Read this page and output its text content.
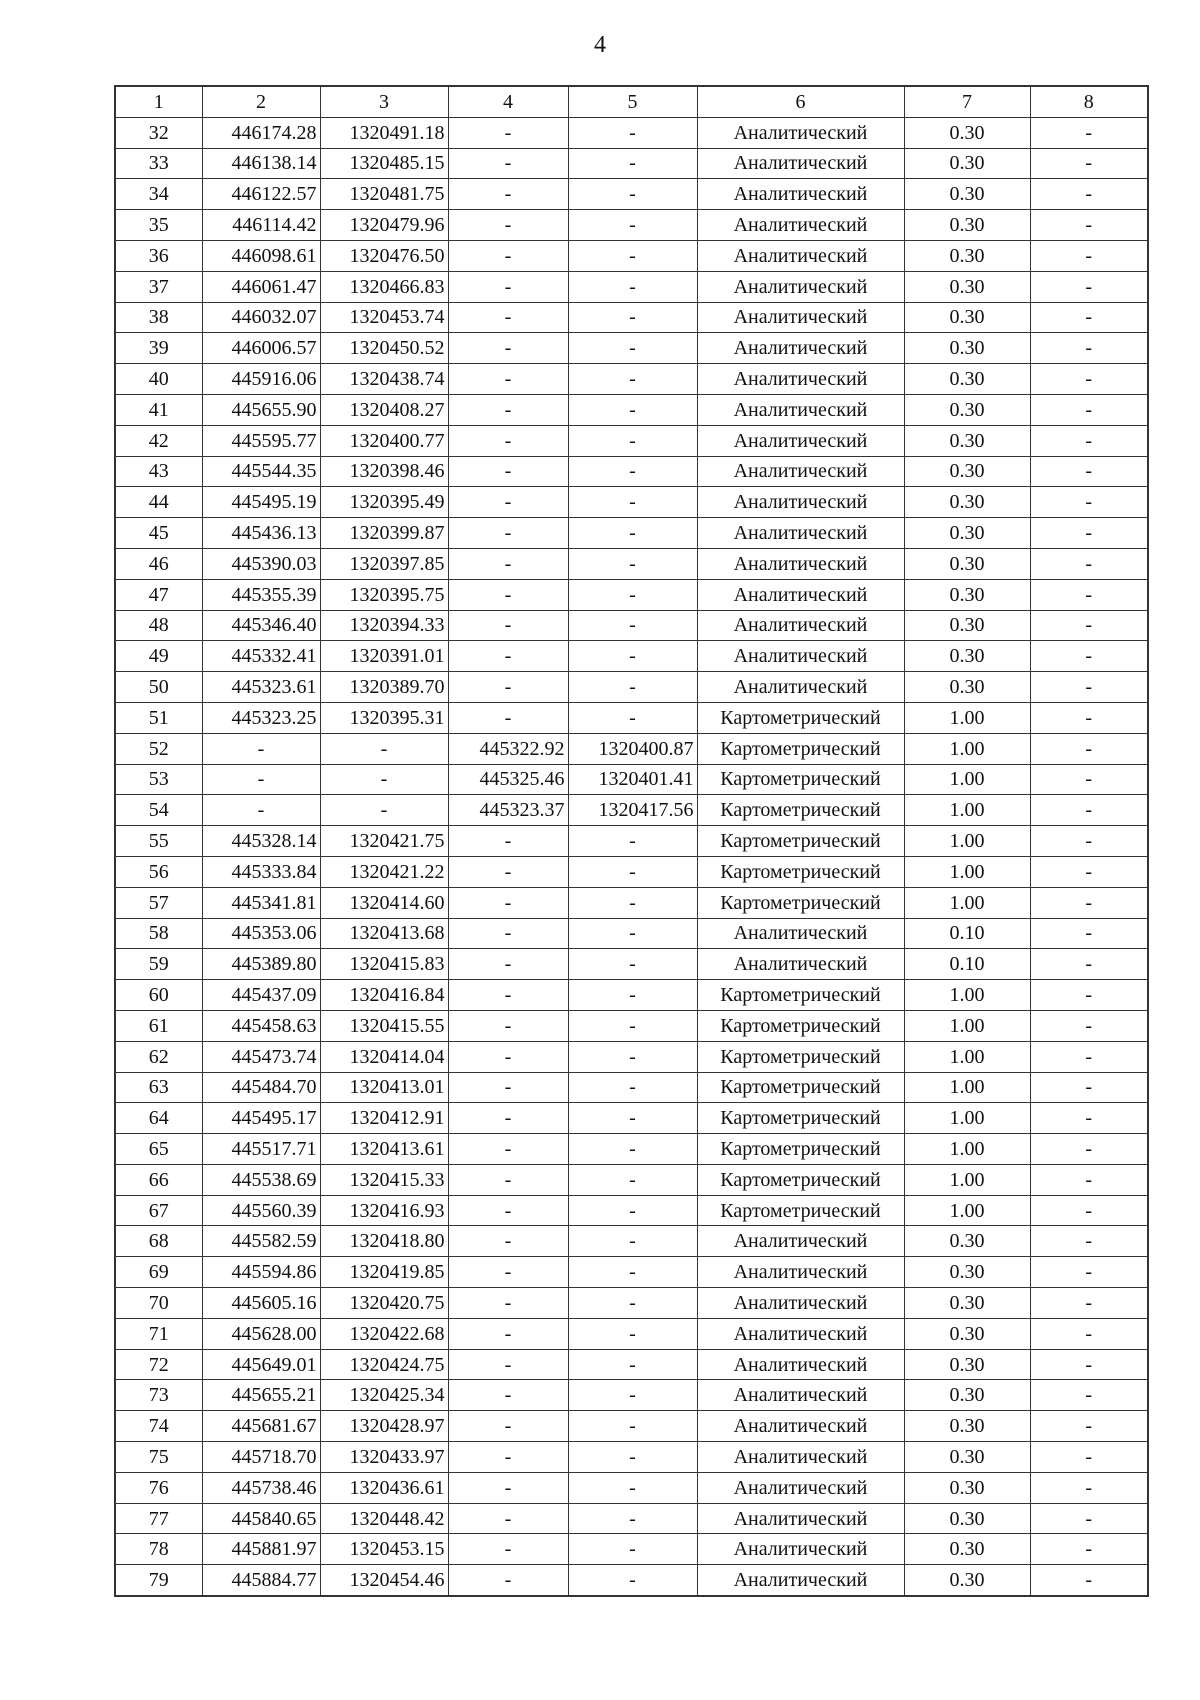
4
1	2	3	4	5	6	7	8
32	446174.28	1320491.18	-	-	Аналитический	0.30	-
33	446138.14	1320485.15	-	-	Аналитический	0.30	-
34	446122.57	1320481.75	-	-	Аналитический	0.30	-
35	446114.42	1320479.96	-	-	Аналитический	0.30	-
36	446098.61	1320476.50	-	-	Аналитический	0.30	-
37	446061.47	1320466.83	-	-	Аналитический	0.30	-
38	446032.07	1320453.74	-	-	Аналитический	0.30	-
39	446006.57	1320450.52	-	-	Аналитический	0.30	-
40	445916.06	1320438.74	-	-	Аналитический	0.30	-
41	445655.90	1320408.27	-	-	Аналитический	0.30	-
42	445595.77	1320400.77	-	-	Аналитический	0.30	-
43	445544.35	1320398.46	-	-	Аналитический	0.30	-
44	445495.19	1320395.49	-	-	Аналитический	0.30	-
45	445436.13	1320399.87	-	-	Аналитический	0.30	-
46	445390.03	1320397.85	-	-	Аналитический	0.30	-
47	445355.39	1320395.75	-	-	Аналитический	0.30	-
48	445346.40	1320394.33	-	-	Аналитический	0.30	-
49	445332.41	1320391.01	-	-	Аналитический	0.30	-
50	445323.61	1320389.70	-	-	Аналитический	0.30	-
51	445323.25	1320395.31	-	-	Картометрический	1.00	-
52	-	-	445322.92	1320400.87	Картометрический	1.00	-
53	-	-	445325.46	1320401.41	Картометрический	1.00	-
54	-	-	445323.37	1320417.56	Картометрический	1.00	-
55	445328.14	1320421.75	-	-	Картометрический	1.00	-
56	445333.84	1320421.22	-	-	Картометрический	1.00	-
57	445341.81	1320414.60	-	-	Картометрический	1.00	-
58	445353.06	1320413.68	-	-	Аналитический	0.10	-
59	445389.80	1320415.83	-	-	Аналитический	0.10	-
60	445437.09	1320416.84	-	-	Картометрический	1.00	-
61	445458.63	1320415.55	-	-	Картометрический	1.00	-
62	445473.74	1320414.04	-	-	Картометрический	1.00	-
63	445484.70	1320413.01	-	-	Картометрический	1.00	-
64	445495.17	1320412.91	-	-	Картометрический	1.00	-
65	445517.71	1320413.61	-	-	Картометрический	1.00	-
66	445538.69	1320415.33	-	-	Картометрический	1.00	-
67	445560.39	1320416.93	-	-	Картометрический	1.00	-
68	445582.59	1320418.80	-	-	Аналитический	0.30	-
69	445594.86	1320419.85	-	-	Аналитический	0.30	-
70	445605.16	1320420.75	-	-	Аналитический	0.30	-
71	445628.00	1320422.68	-	-	Аналитический	0.30	-
72	445649.01	1320424.75	-	-	Аналитический	0.30	-
73	445655.21	1320425.34	-	-	Аналитический	0.30	-
74	445681.67	1320428.97	-	-	Аналитический	0.30	-
75	445718.70	1320433.97	-	-	Аналитический	0.30	-
76	445738.46	1320436.61	-	-	Аналитический	0.30	-
77	445840.65	1320448.42	-	-	Аналитический	0.30	-
78	445881.97	1320453.15	-	-	Аналитический	0.30	-
79	445884.77	1320454.46	-	-	Аналитический	0.30	-
